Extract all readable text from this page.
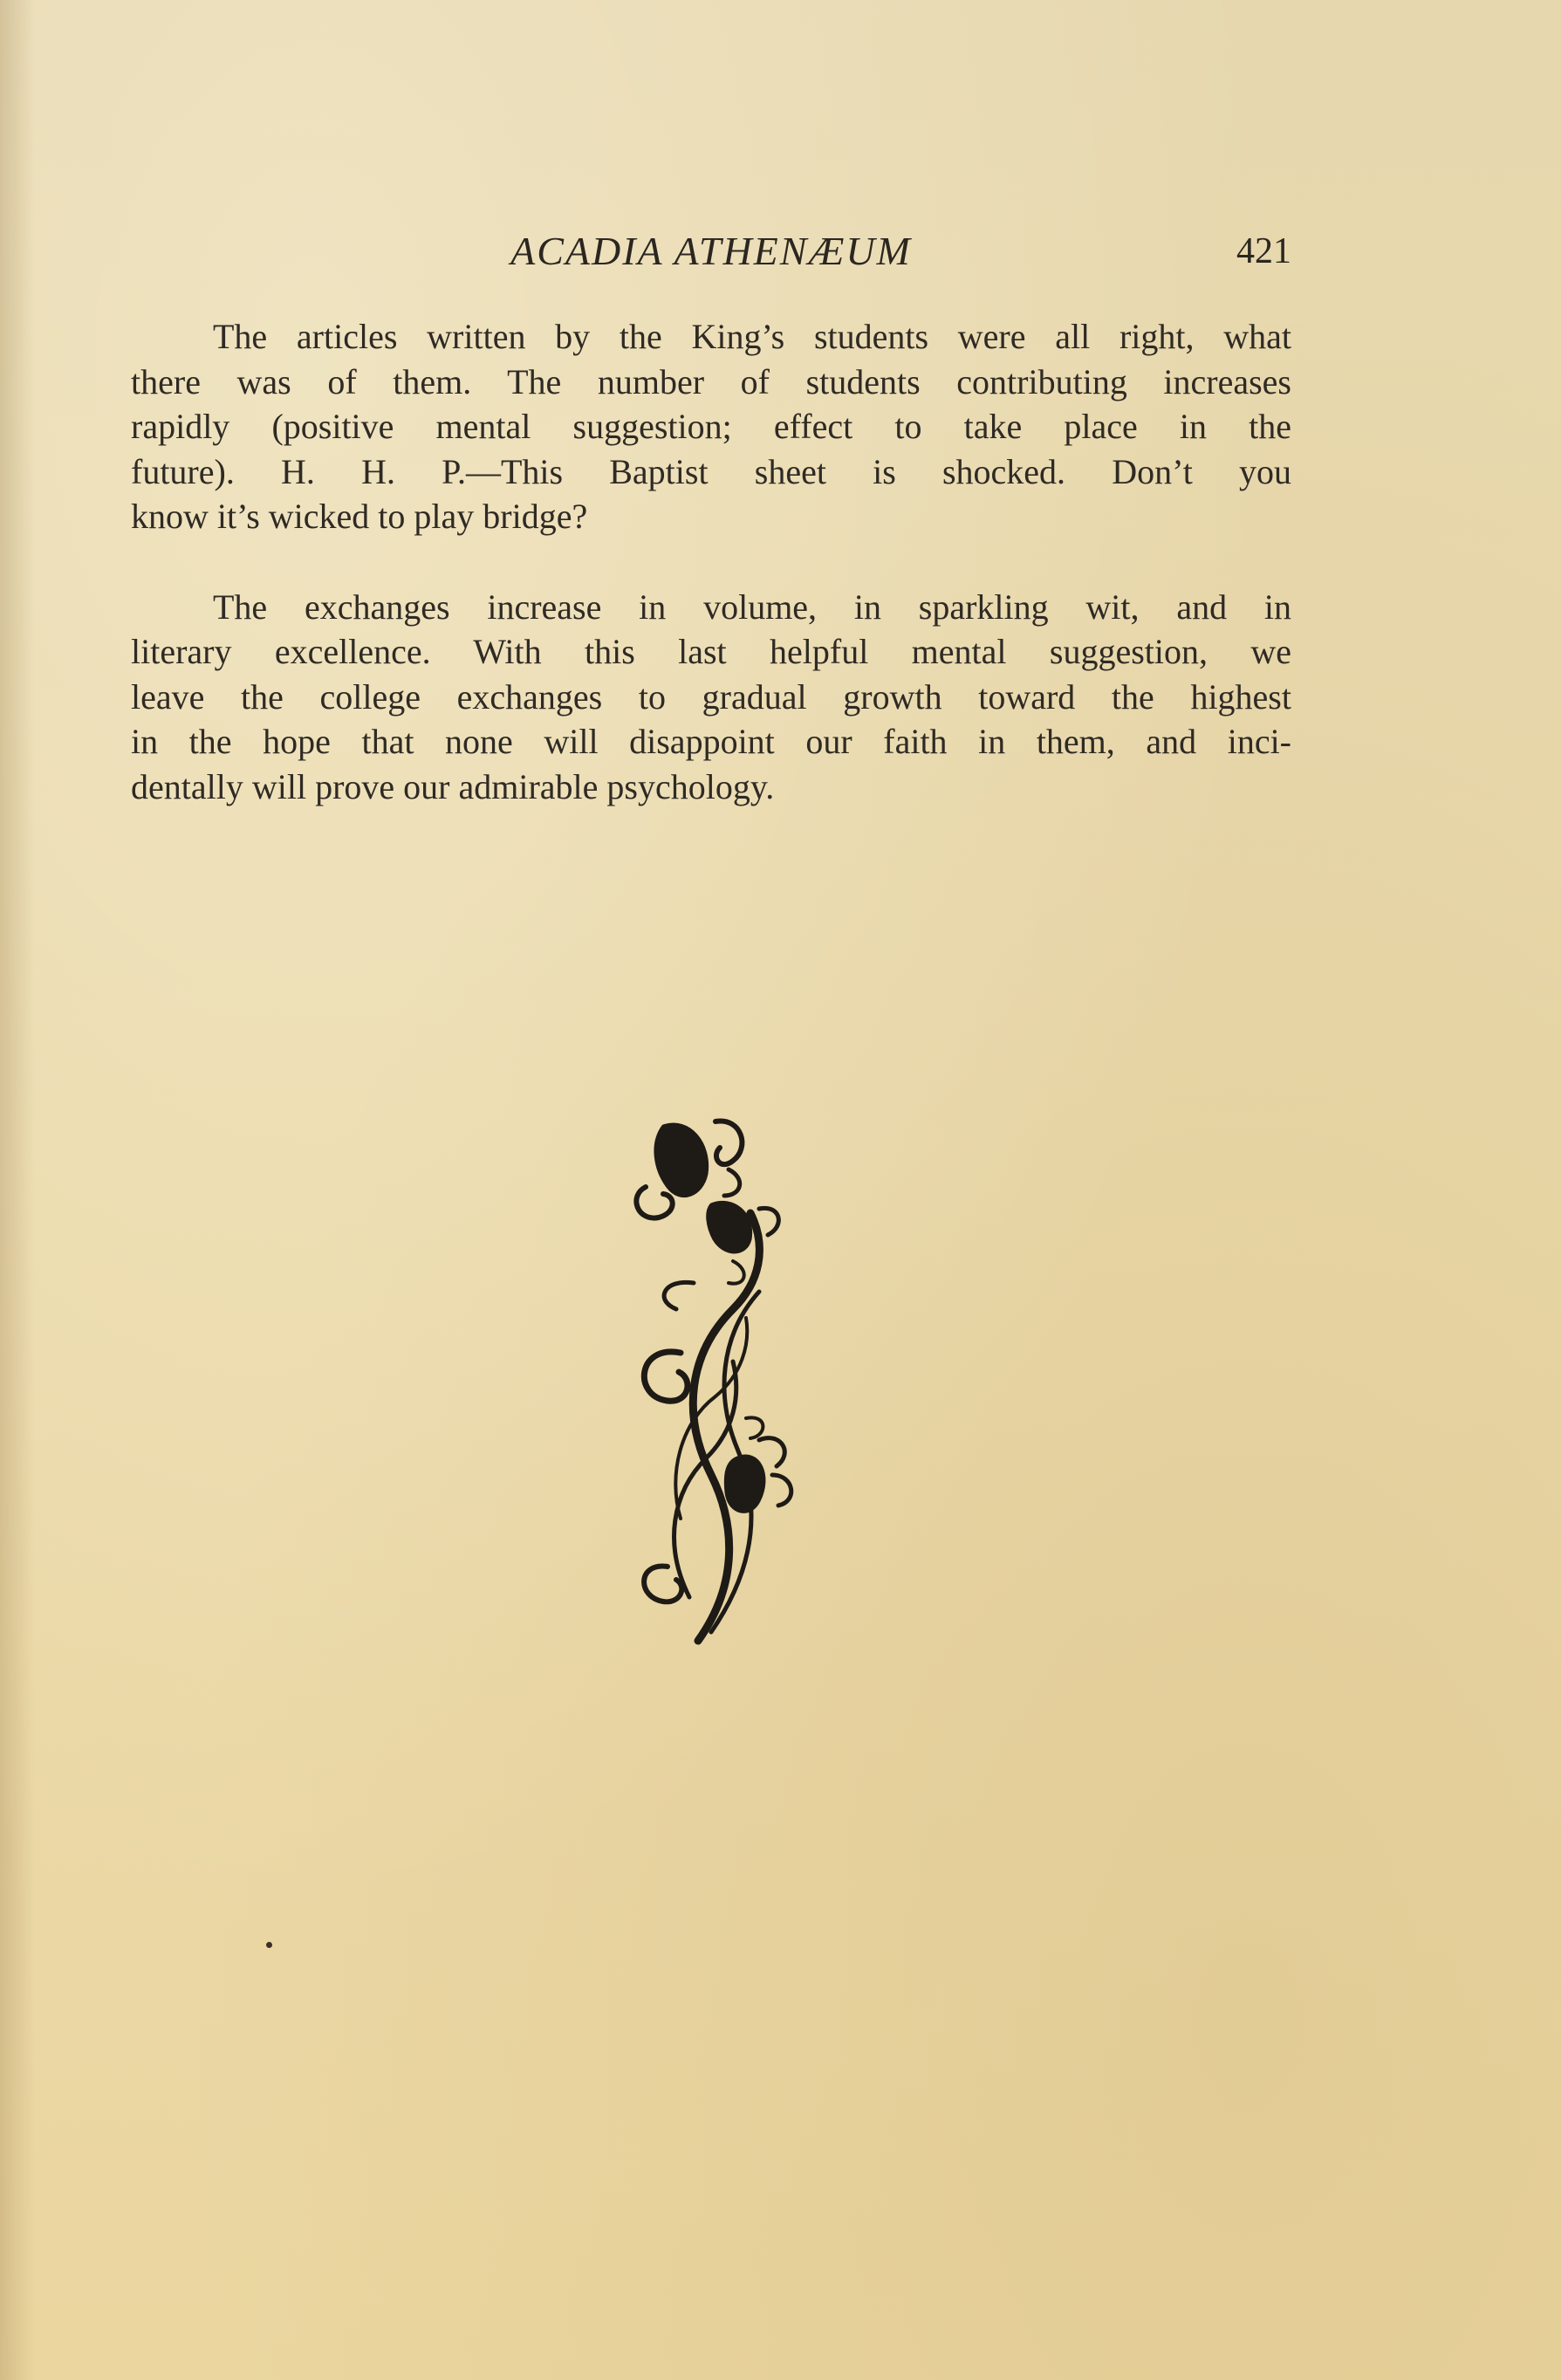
ACADIA ATHENÆUM	421

The articles written by the King’s students were all right, what
there was of them. The number of students contributing increases
rapidly (positive mental suggestion; effect to take place in the
future). H. H. P.—This Baptist sheet is shocked. Don’t you
know it’s wicked to play bridge?

The exchanges increase in volume, in sparkling wit, and in
literary excellence. With this last helpful mental suggestion, we
leave the college exchanges to gradual growth toward the highest
in the hope that none will disappoint our faith in them, and inci-
dentally will prove our admirable psychology.
